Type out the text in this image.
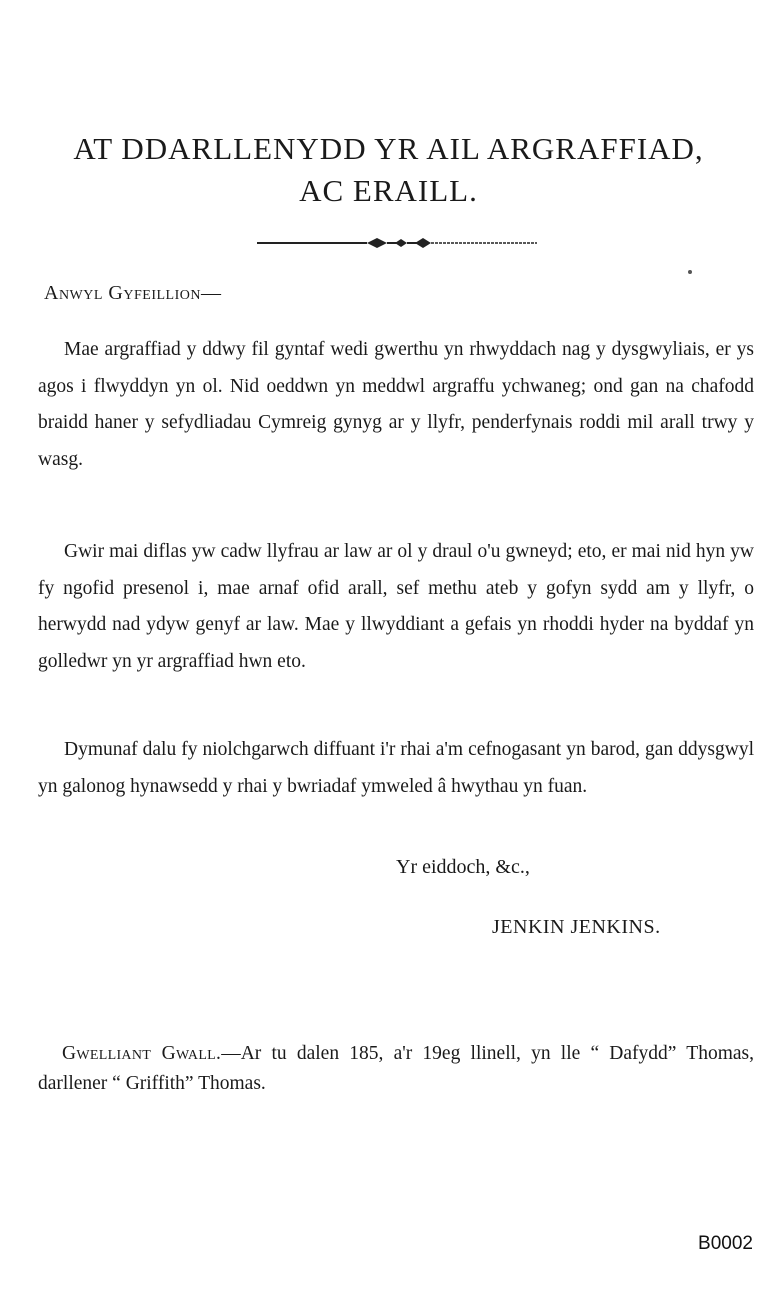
AT DDARLLENYDD YR AIL ARGRAFFIAD,
AC ERAILL.
Anwyl Gyfeillion—

Mae argraffiad y ddwy fil gyntaf wedi gwerthu yn rhwyddach nag y dysgwyliais, er ys agos i flwyddyn yn ol. Nid oeddwn yn meddwl argraffu ychwaneg; ond gan na chafodd braidd haner y sefydliadau Cymreig gynyg ar y llyfr, penderfynais roddi mil arall trwy y wasg.

Gwir mai diflas yw cadw llyfrau ar law ar ol y draul o'u gwneyd; eto, er mai nid hyn yw fy ngofid presenol i, mae arnaf ofid arall, sef methu ateb y gofyn sydd am y llyfr, o herwydd nad ydyw genyf ar law. Mae y llwyddiant a gefais yn rhoddi hyder na byddaf yn golledwr yn yr argraffiad hwn eto.

Dymunaf dalu fy niolchgarwch diffuant i'r rhai a'm cefnogasant yn barod, gan ddysgwyl yn galonog hynawsedd y rhai y bwriadaf ymweled â hwythau yn fuan.

Yr eiddoch, &c.,
JENKIN JENKINS.
Gwelliant Gwall.—Ar tu dalen 185, a'r 19eg llinell, yn lle “ Dafydd” Thomas, darllener “ Griffith” Thomas.
B0002
